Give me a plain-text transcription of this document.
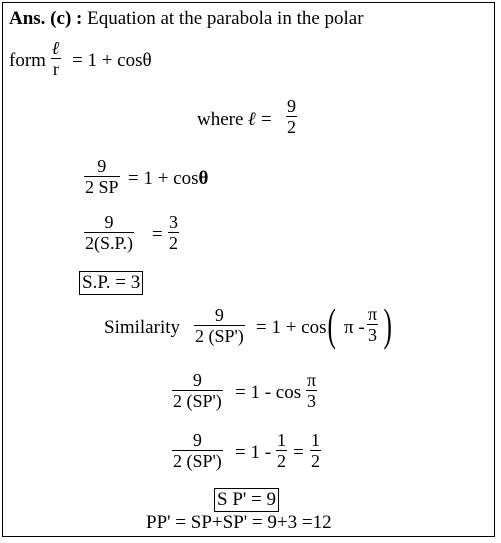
Ans. (c) : Equation at the parabola in the polar
form
ℓ
r = 1 + cosθ
where ℓ =
9
2
9
2 SP = 1 + cosθ
9
2(S.P.) =
3
2
S.P. = 3
Similarity
9
2 (SP') = 1 + cos ( π -
π
3 )
9
2 (SP') = 1 - cos
π
3
9
2 (SP') = 1 -
1
2 =
1
2
S P' = 9
PP' = SP+SP' = 9+3 =12
